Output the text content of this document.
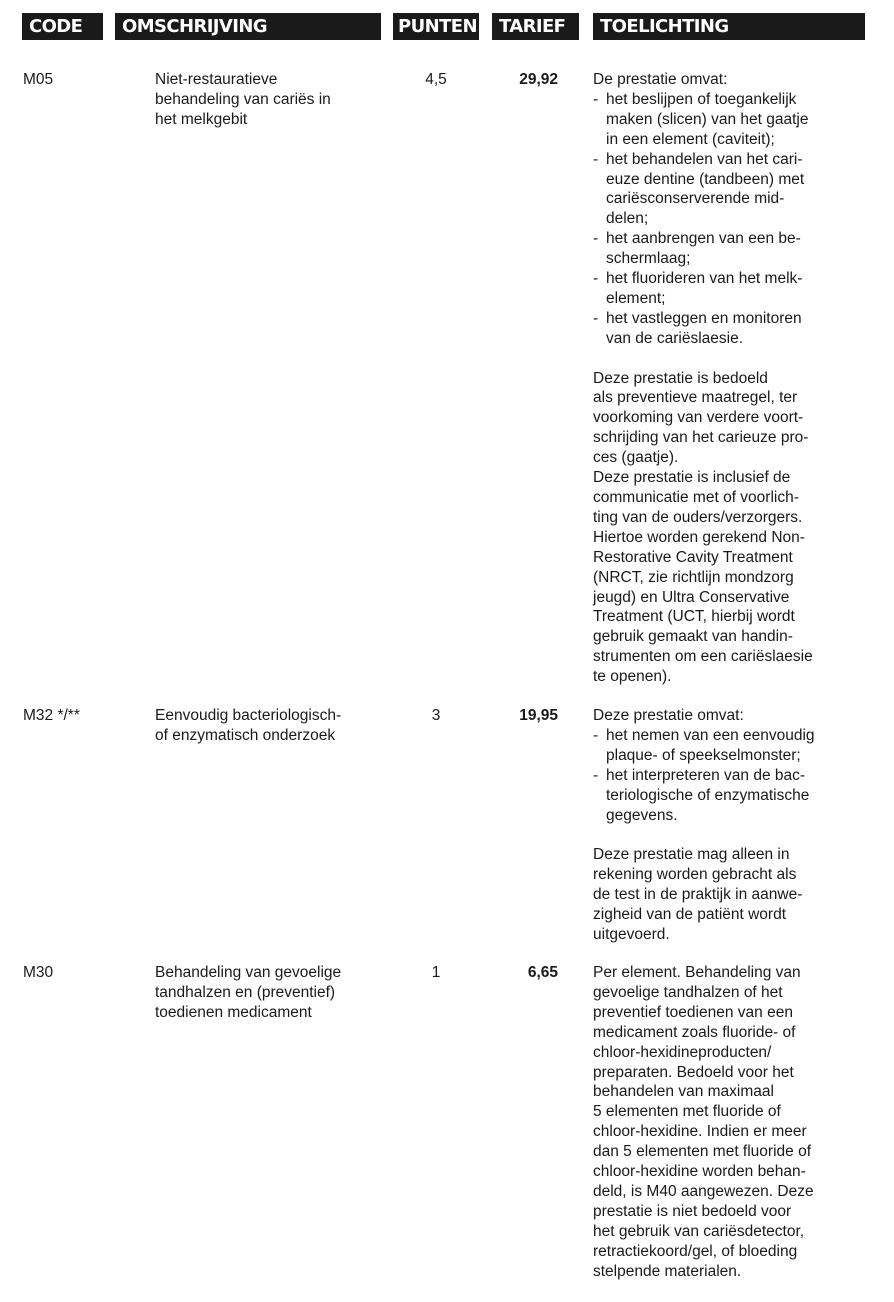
CODE	OMSCHRIJVING	PUNTEN	TARIEF	TOELICHTING
M05	Niet-restauratieve
behandeling van cariës in
het melkgebit
4,5	29,92 De prestatie omvat:
- het beslijpen of toegankelijk
maken (slicen) van het gaatje
in een element (caviteit);
- het behandelen van het cari-
euze dentine (tandbeen) met
cariësconserverende mid-
delen;
- het aanbrengen van een be-
schermlaag;
- het fluorideren van het melk-
element;
- het vastleggen en monitoren
van de cariëslaesie.
Deze prestatie is bedoeld
als preventieve maatregel, ter
voorkoming van verdere voort-
schrijding van het carieuze pro-
ces (gaatje).
Deze prestatie is inclusief de
communicatie met of voorlich-
ting van de ouders/verzorgers.
Hiertoe worden gerekend Non-
Restorative Cavity Treatment
(NRCT, zie richtlijn mondzorg
jeugd) en Ultra Conservative
Treatment (UCT, hierbij wordt
gebruik gemaakt van handin-
strumenten om een cariëslaesie
te openen).
M32 */**	Eenvoudig bacteriologisch-
of enzymatisch onderzoek
3	19,95 Deze prestatie omvat:
- het nemen van een eenvoudig
plaque- of speekselmonster;
- het interpreteren van de bac-
teriologische of enzymatische
gegevens.
Deze prestatie mag alleen in
rekening worden gebracht als
de test in de praktijk in aanwe-
zigheid van de patiënt wordt
uitgevoerd.
M30	Behandeling van gevoelige
tandhalzen en (preventief)
toedienen medicament
1	6,65 Per element. Behandeling van
gevoelige tandhalzen of het
preventief toedienen van een
medicament zoals fluoride- of
chloor-hexidineproducten/
preparaten. Bedoeld voor het
behandelen van maximaal
5 elementen met fluoride of
chloor-hexidine. Indien er meer
dan 5 elementen met fluoride of
chloor-hexidine worden behan-
deld, is M40 aangewezen. Deze
prestatie is niet bedoeld voor
het gebruik van cariësdetector,
retractiekoord/gel, of bloeding
stelpende materialen.
